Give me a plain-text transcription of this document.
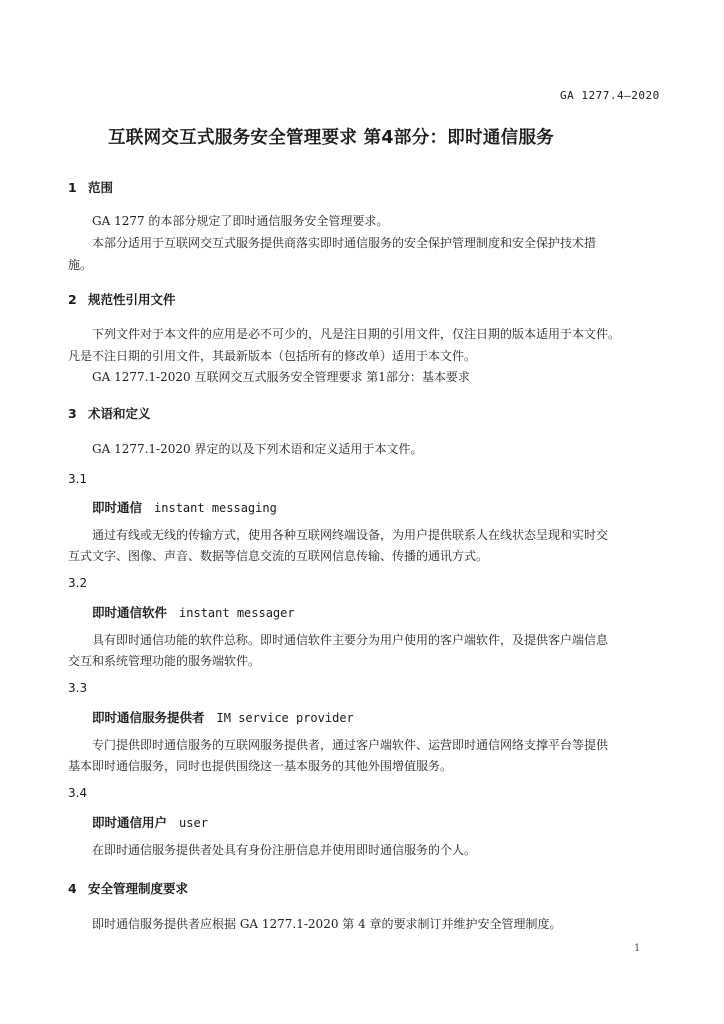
GA 1277.4—2020
互联网交互式服务安全管理要求 第4部分：即时通信服务
1 范围
GA 1277 的本部分规定了即时通信服务安全管理要求。
本部分适用于互联网交互式服务提供商落实即时通信服务的安全保护管理制度和安全保护技术措
施。
2 规范性引用文件
下列文件对于本文件的应用是必不可少的，凡是注日期的引用文件，仅注日期的版本适用于本文件。
凡是不注日期的引用文件，其最新版本（包括所有的修改单）适用于本文件。
GA 1277.1-2020 互联网交互式服务安全管理要求 第1部分：基本要求
3 术语和定义
GA 1277.1-2020 界定的以及下列术语和定义适用于本文件。
3.1
即时通信 instant messaging
通过有线或无线的传输方式，使用各种互联网终端设备，为用户提供联系人在线状态呈现和实时交
互式文字、图像、声音、数据等信息交流的互联网信息传输、传播的通讯方式。
3.2
即时通信软件 instant messager
具有即时通信功能的软件总称。即时通信软件主要分为用户使用的客户端软件，及提供客户端信息
交互和系统管理功能的服务端软件。
3.3
即时通信服务提供者 IM service provider
专门提供即时通信服务的互联网服务提供者，通过客户端软件、运营即时通信网络支撑平台等提供
基本即时通信服务，同时也提供围绕这一基本服务的其他外围增值服务。
3.4
即时通信用户 user
在即时通信服务提供者处具有身份注册信息并使用即时通信服务的个人。
4 安全管理制度要求
即时通信服务提供者应根据 GA 1277.1-2020 第 4 章的要求制订并维护安全管理制度。
1
